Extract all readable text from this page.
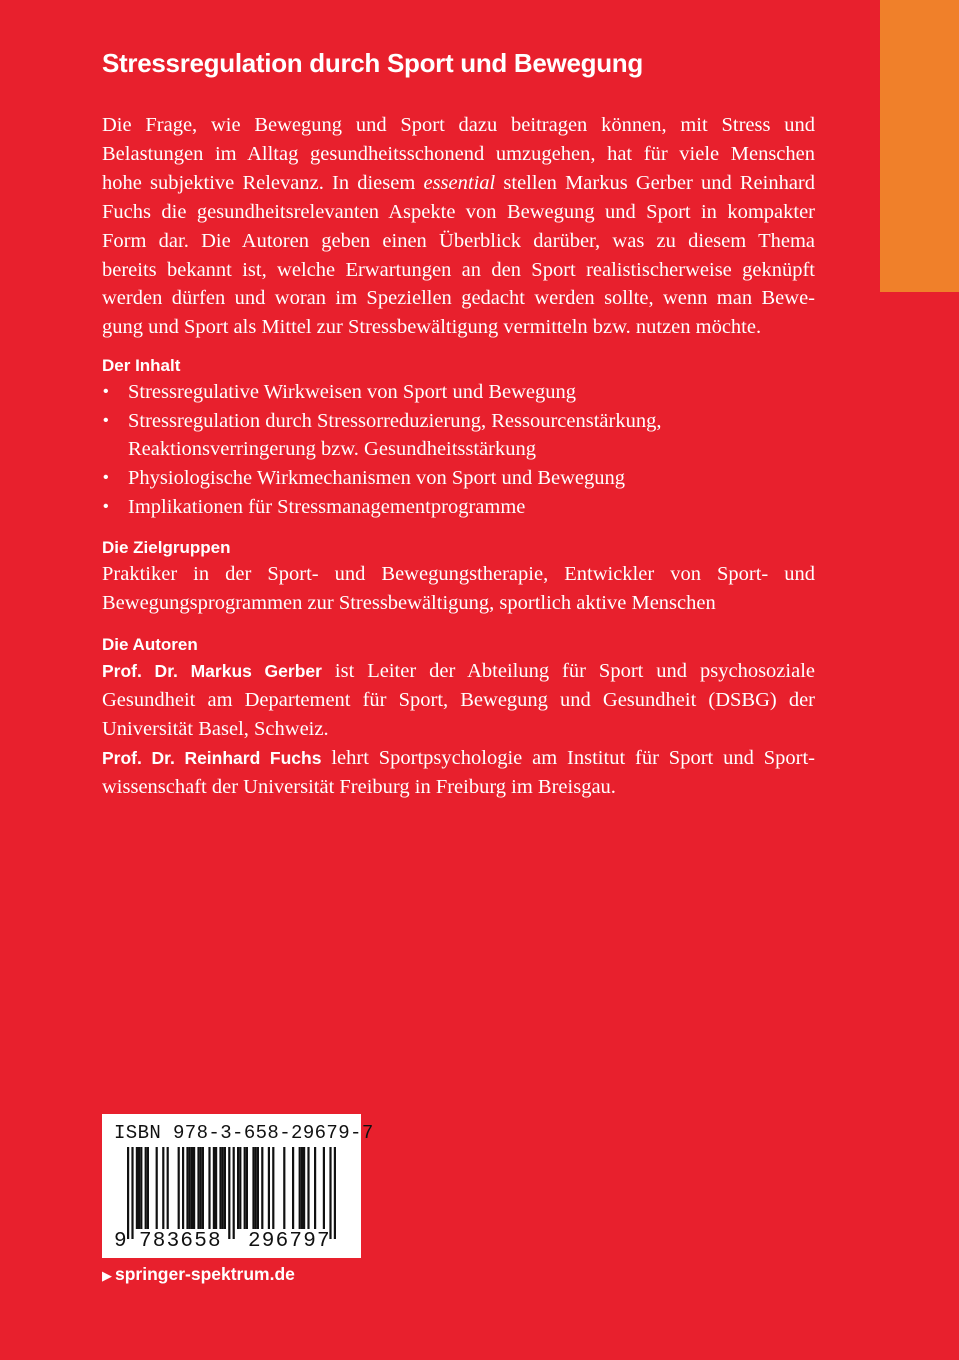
Stressregulation durch Sport und Bewegung
Die Frage, wie Bewegung und Sport dazu beitragen können, mit Stress und
Belastungen im Alltag gesundheitsschonend umzugehen, hat für viele Menschen
hohe subjektive Relevanz. In diesem essential stellen Markus Gerber und Reinhard
Fuchs die gesundheitsrelevanten Aspekte von Bewegung und Sport in kompakter
Form dar. Die Autoren geben einen Überblick darüber, was zu diesem Thema
bereits bekannt ist, welche Erwartungen an den Sport realistischerweise geknüpft
werden dürfen und woran im Speziellen gedacht werden sollte, wenn man Bewe-
gung und Sport als Mittel zur Stressbewältigung vermitteln bzw. nutzen möchte.
Der Inhalt
• Stressregulative Wirkweisen von Sport und Bewegung
• Stressregulation durch Stressorreduzierung, Ressourcenstärkung,
Reaktionsverringerung bzw. Gesundheitsstärkung
• Physiologische Wirkmechanismen von Sport und Bewegung
• Implikationen für Stressmanagementprogramme
Die Zielgruppen
Praktiker in der Sport- und Bewegungstherapie, Entwickler von Sport- und
Bewegungsprogrammen zur Stressbewältigung, sportlich aktive Menschen
Die Autoren
Prof. Dr. Markus Gerber ist Leiter der Abteilung für Sport und psychosoziale
Gesundheit am Departement für Sport, Bewegung und Gesundheit (DSBG) der
Universität Basel, Schweiz.
Prof. Dr. Reinhard Fuchs lehrt Sportpsychologie am Institut für Sport und Sport-
wissenschaft der Universität Freiburg in Freiburg im Breisgau.
ISBN 978-3-658-29679-7
9 783658 296797
▶ springer-spektrum.de
